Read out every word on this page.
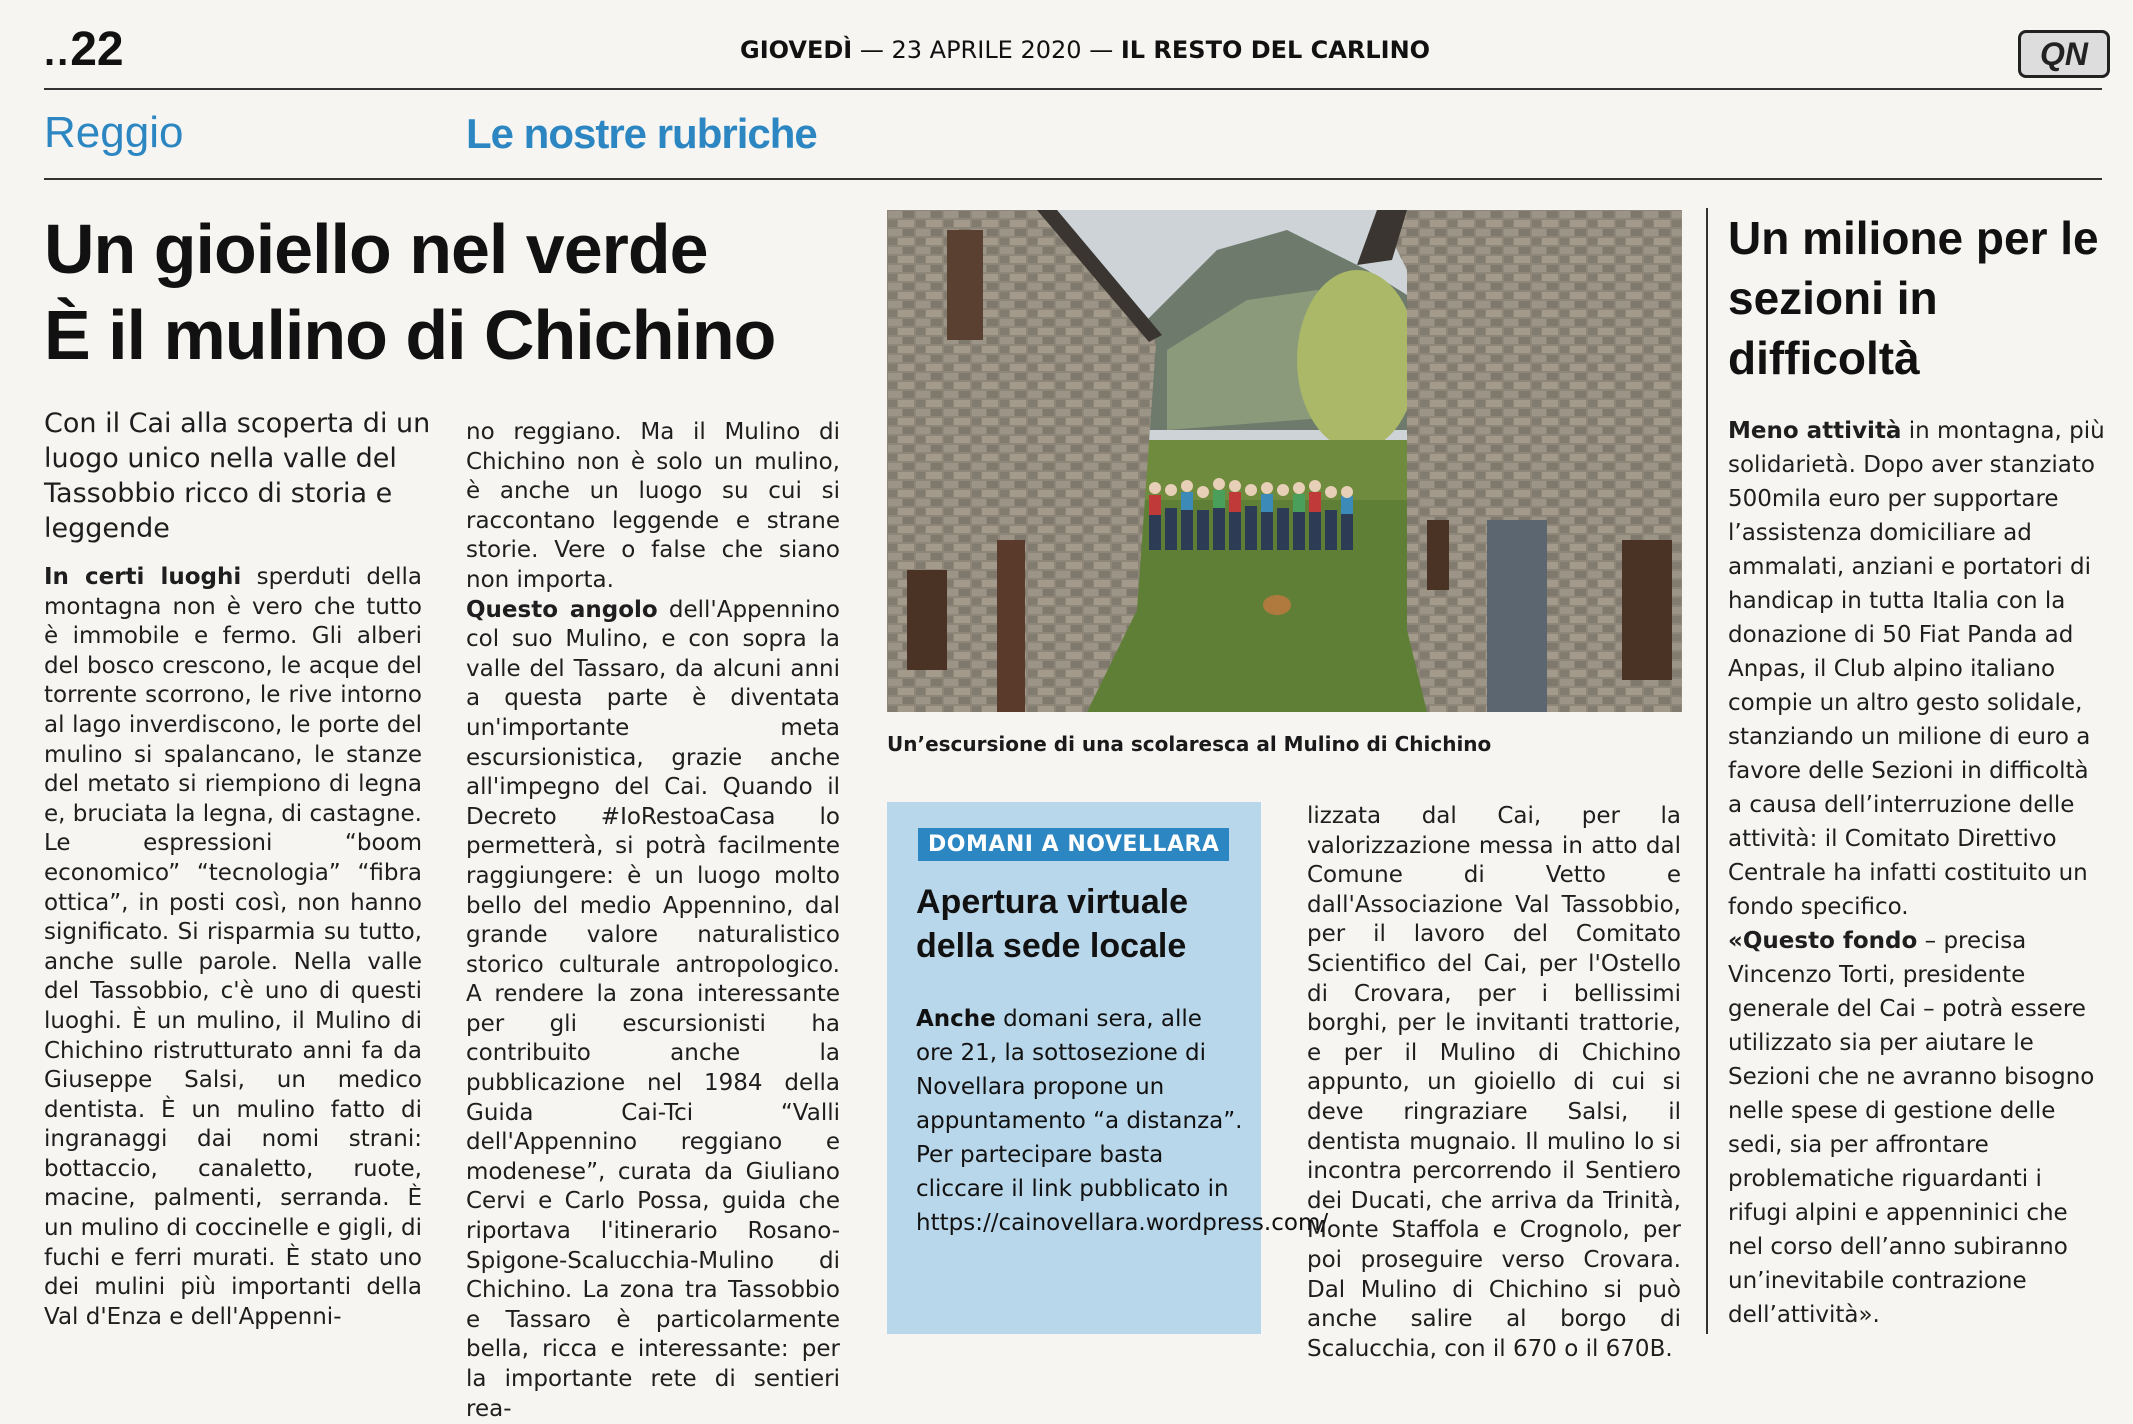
..22	GIOVEDÌ — 23 APRILE 2020 — IL RESTO DEL CARLINO	QN
Reggio	Le nostre rubriche
Un gioiello nel verde
È il mulino di Chichino
Con il Cai alla scoperta di un luogo unico nella valle del Tassobbio ricco di storia e leggende

In certi luoghi sperduti della montagna non è vero che tutto è immobile e fermo. Gli alberi del bosco crescono, le acque del torrente scorrono, le rive intorno al lago inverdiscono, le porte del mulino si spalancano, le stanze del metato si riempiono di legna e, bruciata la legna, di castagne. Le espressioni “boom economico” “tecnologia” “fibra ottica”, in posti così, non hanno significato. Si risparmia su tutto, anche sulle parole. Nella valle del Tassobbio, c'è uno di questi luoghi. È un mulino, il Mulino di Chichino ristrutturato anni fa da Giuseppe Salsi, un medico dentista. È un mulino fatto di ingranaggi dai nomi strani: bottaccio, canaletto, ruote, macine, palmenti, serranda. È un mulino di coccinelle e gigli, di fuchi e ferri murati. È stato uno dei mulini più importanti della Val d'Enza e dell'Appenni-

no reggiano. Ma il Mulino di Chichino non è solo un mulino, è anche un luogo su cui si raccontano leggende e strane storie. Vere o false che siano non importa.

Questo angolo dell'Appennino col suo Mulino, e con sopra la valle del Tassaro, da alcuni anni a questa parte è diventata un'importante meta escursionistica, grazie anche all'impegno del Cai. Quando il Decreto #IoRestoaCasa lo permetterà, si potrà facilmente raggiungere: è un luogo molto bello del medio Appennino, dal grande valore naturalistico storico culturale antropologico. A rendere la zona interessante per gli escursionisti ha contribuito anche la pubblicazione nel 1984 della Guida Cai-Tci “Valli dell'Appennino reggiano e modenese”, curata da Giuliano Cervi e Carlo Possa, guida che riportava l'itinerario Rosano-Spigone-Scalucchia-Mulino di Chichino. La zona tra Tassobbio e Tassaro è particolarmente bella, ricca e interessante: per la importante rete di sentieri rea-

lizzata dal Cai, per la valorizzazione messa in atto dal Comune di Vetto e dall'Associazione Val Tassobbio, per il lavoro del Comitato Scientifico del Cai, per l'Ostello di Crovara, per i bellissimi borghi, per le invitanti trattorie, e per il Mulino di Chichino appunto, un gioiello di cui si deve ringraziare Salsi, il dentista mugnaio. Il mulino lo si incontra percorrendo il Sentiero dei Ducati, che arriva da Trinità, Monte Staffola e Crognolo, per poi proseguire verso Crovara. Dal Mulino di Chichino si può anche salire al borgo di Scalucchia, con il 670 o il 670B.
Un’escursione di una scolaresca al Mulino di Chichino
DOMANI A NOVELLARA
Apertura virtuale della sede locale
Anche domani sera, alle ore 21, la sottosezione di Novellara propone un appuntamento “a distanza”. Per partecipare basta cliccare il link pubblicato in https://cainovellara.wordpress.com/
Un milione per le sezioni in difficoltà

Meno attività in montagna, più solidarietà. Dopo aver stanziato 500mila euro per supportare l’assistenza domiciliare ad ammalati, anziani e portatori di handicap in tutta Italia con la donazione di 50 Fiat Panda ad Anpas, il Club alpino italiano compie un altro gesto solidale, stanziando un milione di euro a favore delle Sezioni in difficoltà a causa dell’interruzione delle attività: il Comitato Direttivo Centrale ha infatti costituito un fondo specifico.

«Questo fondo – precisa Vincenzo Torti, presidente generale del Cai – potrà essere utilizzato sia per aiutare le Sezioni che ne avranno bisogno nelle spese di gestione delle sedi, sia per affrontare problematiche riguardanti i rifugi alpini e appenninici che nel corso dell’anno subiranno un’inevitabile contrazione dell’attività».
